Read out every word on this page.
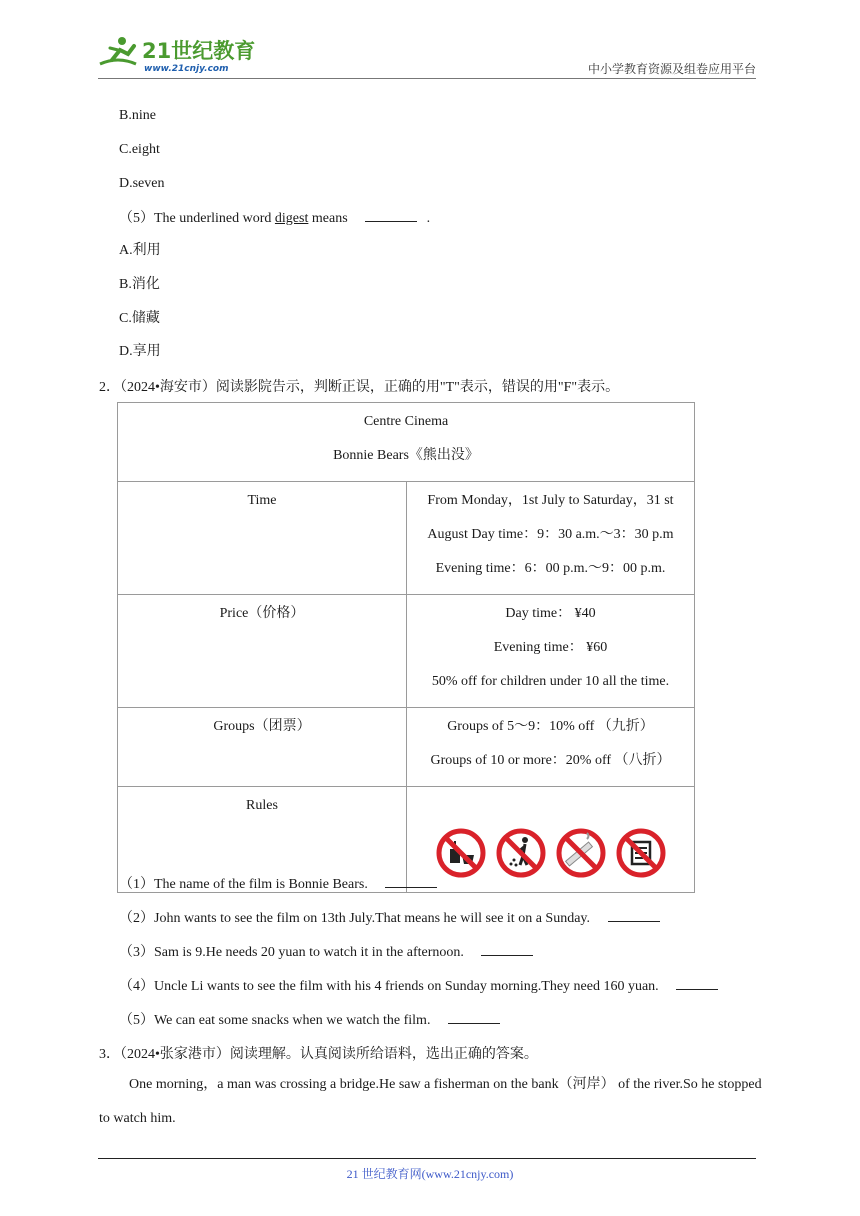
21世纪教育
www.21cnjy.com	中小学教育资源及组卷应用平台
B.nine
C.eight
D.seven
（5）The underlined word digest means	.
A.利用
B.消化
C.储藏
D.享用
2．（2024•海安市）阅读影院告示，判断正误，正确的用"T"表示，错误的用"F"表示。
Centre Cinema
Bonnie Bears《熊出没》	

Time	From Monday，1st July to Saturday，31 st
August Day time：9：30 a.m.～3：30 p.m
Evening time：6：00 p.m.～9：00 p.m.

Price（价格）	Day time： ¥40
Evening time： ¥60
50% off for children under 10 all the time.

Groups（团票）	Groups of 5～9：10% off （九折）
Groups of 10 or more：20% off （八折）

Rules

（1）The name of the film is Bonnie Bears.
（2）John wants to see the film on 13th July.That means he will see it on a Sunday.
（3）Sam is 9.He needs 20 yuan to watch it in the afternoon.
（4）Uncle Li wants to see the film with his 4 friends on Sunday morning.They need 160 yuan.
（5）We can eat some snacks when we watch the film.
3．（2024•张家港市）阅读理解。认真阅读所给语料，选出正确的答案。

One morning，a man was crossing a bridge.He saw a fisherman on the bank（河岸） of the river.So he stopped to watch him.

21 世纪教育网(www.21cnjy.com)
